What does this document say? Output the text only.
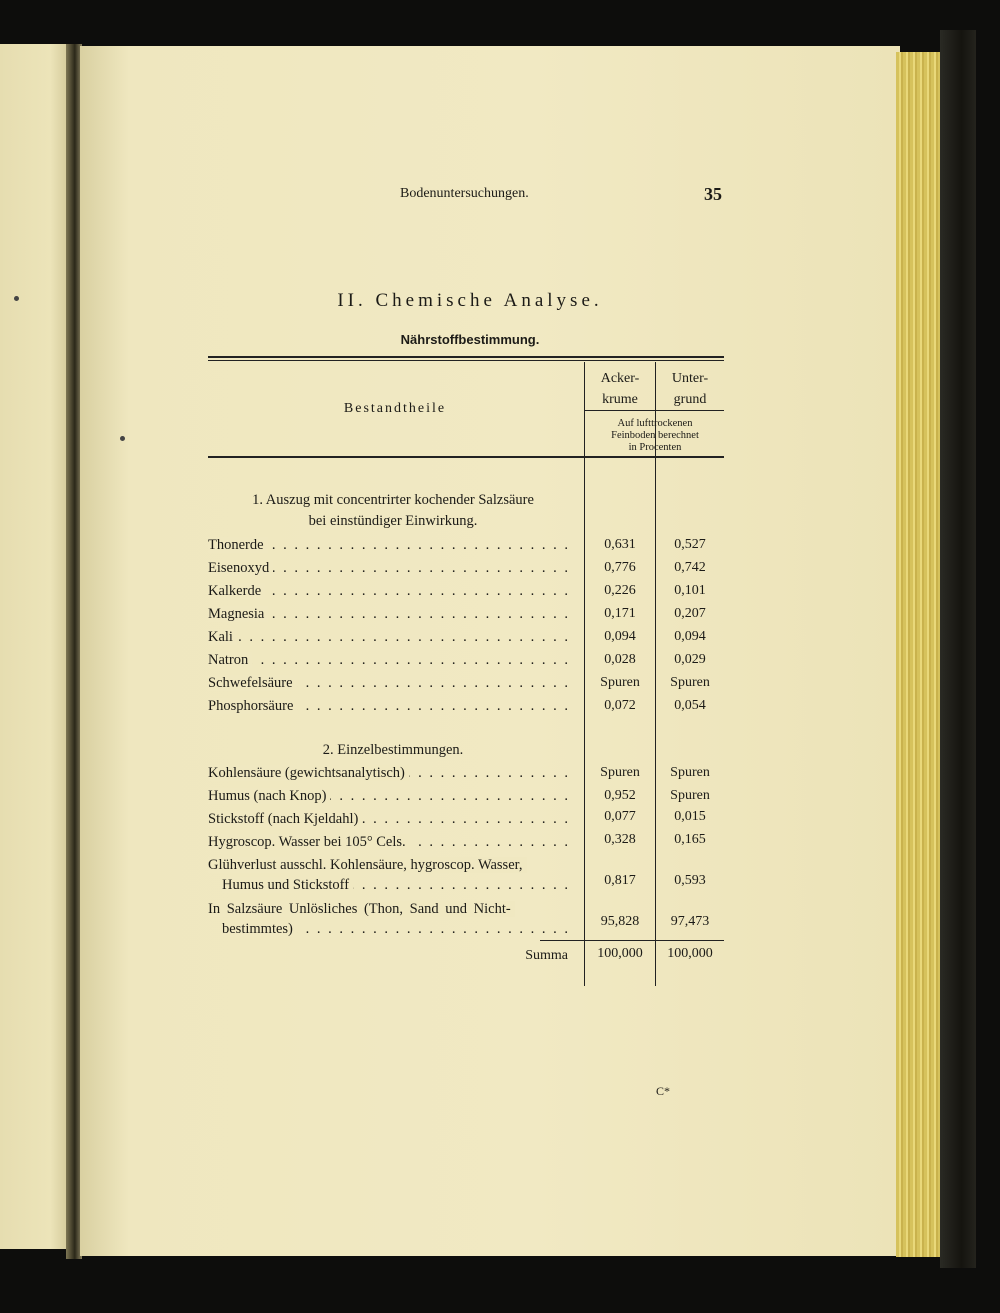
Bodenuntersuchungen.	35
II. Chemische Analyse.
Nährstoffbestimmung.
Bestandtheile
Acker-
krume
Unter-
grund
Auf lufttrockenen
Feinboden berechnet
in Procenten
1. Auszug mit concentrirter kochender Salzsäure
bei einstündiger Einwirkung.
Thonerde . . .	0,631	0,527
Eisenoxyd . . .	0,776	0,742
Kalkerde . . .	0,226	0,101
Magnesia . . .	0,171	0,207
Kali . . .	0,094	0,094
Natron . . .	0,028	0,029
Schwefelsäure . . .	Spuren	Spuren
Phosphorsäure . . .	0,072	0,054
2. Einzelbestimmungen.
Kohlensäure (gewichtsanalytisch) . . .	Spuren	Spuren
Humus (nach Knop) . . .	0,952	Spuren
Stickstoff (nach Kjeldahl) . . .	0,077	0,015
Hygroscop. Wasser bei 105° Cels. . . .	0,328	0,165
Glühverlust ausschl. Kohlensäure, hygroscop. Wasser,
Humus und Stickstoff . . .	0,817	0,593
In Salzsäure Unlösliches (Thon, Sand und Nicht-
bestimmtes) . . .	95,828	97,473
Summa	100,000	100,000
C*
